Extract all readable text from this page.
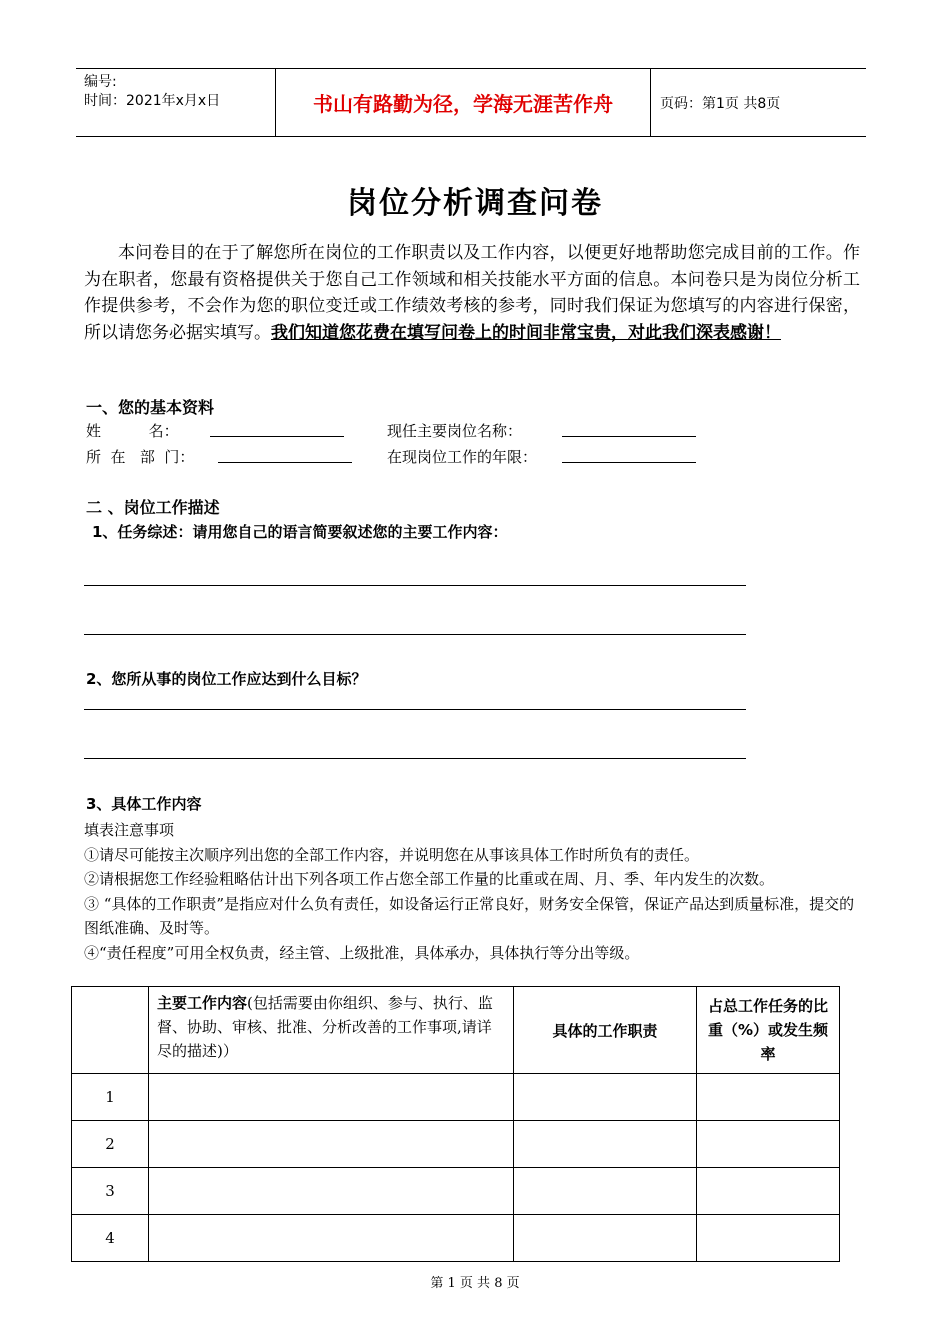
编号:
时间：2021年x月x日	书山有路勤为径，学海无涯苦作舟	页码：第1页 共8页
岗位分析调查问卷
本问卷目的在于了解您所在岗位的工作职责以及工作内容，以便更好地帮助您完成目前的工作。作为在职者，您最有资格提供关于您自己工作领域和相关技能水平方面的信息。本问卷只是为岗位分析工作提供参考，不会作为您的职位变迁或工作绩效考核的参考，同时我们保证为您填写的内容进行保密，所以请您务必据实填写。我们知道您花费在填写问卷上的时间非常宝贵，对此我们深表感谢！
一、您的基本资料
姓          名：	现任主要岗位名称：
所  在   部  门：	在现岗位工作的年限：
二 、岗位工作描述
1、任务综述：请用您自己的语言简要叙述您的主要工作内容：
2、您所从事的岗位工作应达到什么目标？
3、具体工作内容
填表注意事项
①请尽可能按主次顺序列出您的全部工作内容，并说明您在从事该具体工作时所负有的责任。
②请根据您工作经验粗略估计出下列各项工作占您全部工作量的比重或在周、月、季、年内发生的次数。
③ “具体的工作职责”是指应对什么负有责任，如设备运行正常良好，财务安全保管，保证产品达到质量标准，提交的图纸准确、及时等。
④“责任程度”可用全权负责，经主管、上级批准，具体承办，具体执行等分出等级。
	主要工作内容(包括需要由你组织、参与、执行、监督、协助、审核、批准、分析改善的工作事项,请详尽的描述)）	具体的工作职责	占总工作任务的比重（%）或发生频率
1			
2			
3			
4			
第 1 页 共 8 页
